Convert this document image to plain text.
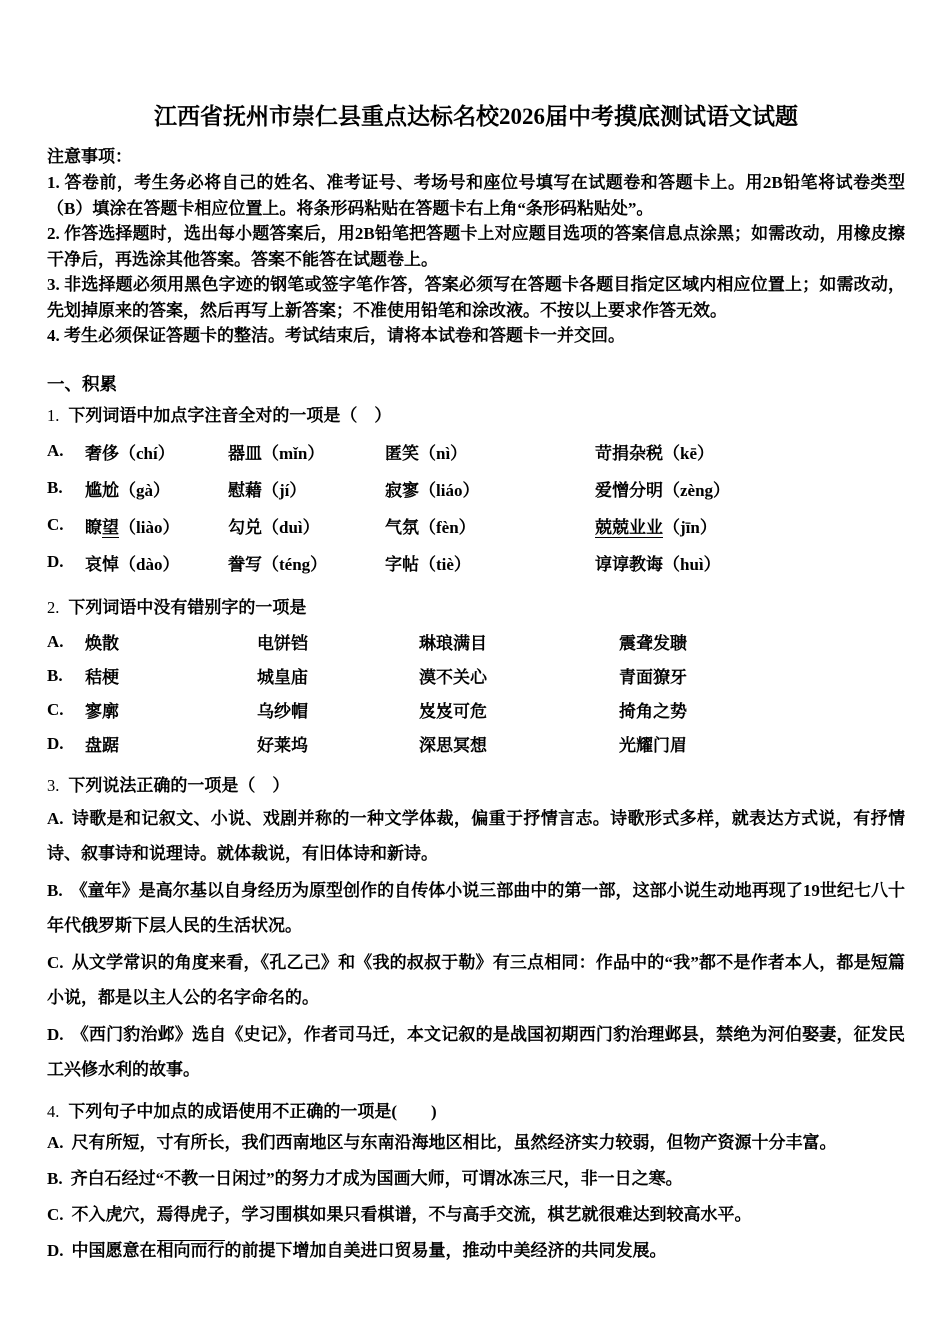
江西省抚州市崇仁县重点达标名校2026届中考摸底测试语文试题

注意事项：

1. 答卷前，考生务必将自己的姓名、准考证号、考场号和座位号填写在试题卷和答题卡上。用2B铅笔将试卷类型（B）填涂在答题卡相应位置上。将条形码粘贴在答题卡右上角“条形码粘贴处”。

2. 作答选择题时，选出每小题答案后，用2B铅笔把答题卡上对应题目选项的答案信息点涂黑；如需改动，用橡皮擦干净后，再选涂其他答案。答案不能答在试题卷上。

3. 非选择题必须用黑色字迹的钢笔或签字笔作答，答案必须写在答题卡各题目指定区域内相应位置上；如需改动，先划掉原来的答案，然后再写上新答案；不准使用铅笔和涂改液。不按以上要求作答无效。

4. 考生必须保证答题卡的整洁。考试结束后，请将本试卷和答题卡一并交回。

一、积累

1. 下列词语中加点字注音全对的一项是（　）

A.	奢侈（chí）	器皿（mǐn）	匿笑（nì）	苛捐杂税（kē）
B.	尴尬（gà）	慰藉（jí）	寂寥（liáo）	爱憎分明（zèng）
C.	瞭望（liào）	勾兑（duì）	气氛（fèn）	兢兢业业（jīn）
D.	哀悼（dào）	誊写（téng）	字帖（tiè）	谆谆教诲（huì）

2. 下列词语中没有错别字的一项是

A.	焕散	电饼铛	琳琅满目	震聋发聩
B.	秸梗	城皇庙	漠不关心	青面獠牙
C.	寥廓	乌纱帽	岌岌可危	掎角之势
D.	盘踞	好莱坞	深思冥想	光耀门眉

3. 下列说法正确的一项是（　）

A. 诗歌是和记叙文、小说、戏剧并称的一种文学体裁，偏重于抒情言志。诗歌形式多样，就表达方式说，有抒情诗、叙事诗和说理诗。就体裁说，有旧体诗和新诗。

B. 《童年》是高尔基以自身经历为原型创作的自传体小说三部曲中的第一部，这部小说生动地再现了19世纪七八十年代俄罗斯下层人民的生活状况。

C. 从文学常识的角度来看，《孔乙己》和《我的叔叔于勒》有三点相同：作品中的“我”都不是作者本人，都是短篇小说，都是以主人公的名字命名的。

D. 《西门豹治邺》选自《史记》，作者司马迁，本文记叙的是战国初期西门豹治理邺县，禁绝为河伯娶妻，征发民工兴修水利的故事。

4. 下列句子中加点的成语使用不正确的一项是(　　)

A. 尺有所短，寸有所长，我们西南地区与东南沿海地区相比，虽然经济实力较弱，但物产资源十分丰富。

B. 齐白石经过“不教一日闲过”的努力才成为国画大师，可谓冰冻三尺，非一日之寒。

C. 不入虎穴，焉得虎子，学习围棋如果只看棋谱，不与高手交流，棋艺就很难达到较高水平。

D. 中国愿意在相向而行的前提下增加自美进口贸易量，推动中美经济的共同发展。
